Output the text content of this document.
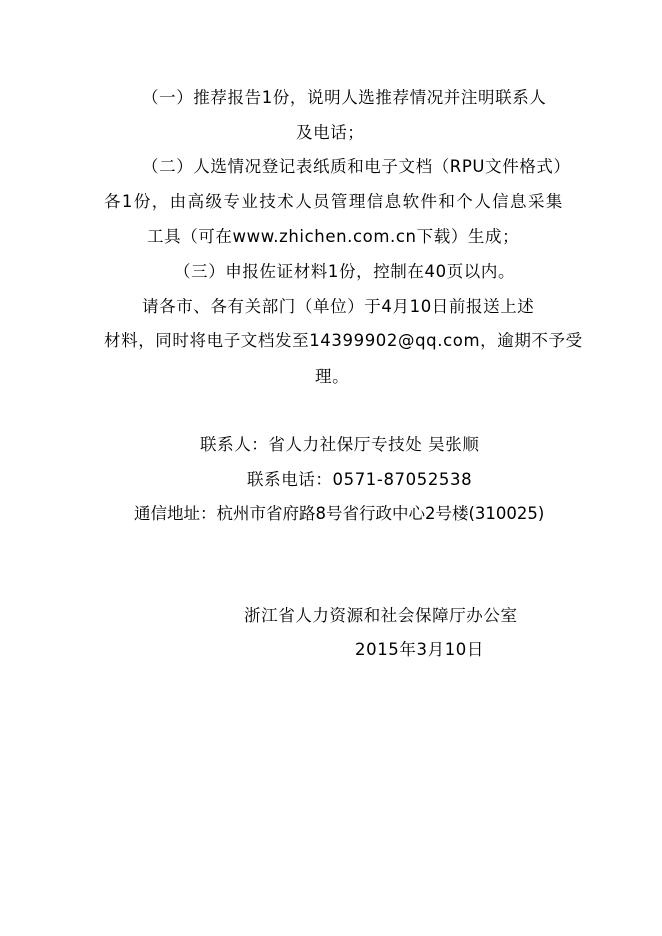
（一）推荐报告1份，说明人选推荐情况并注明联系人
及电话；
（二）人选情况登记表纸质和电子文档（RPU文件格式）
各1份，由高级专业技术人员管理信息软件和个人信息采集
工具（可在www.zhichen.com.cn下载）生成；
（三）申报佐证材料1份，控制在40页以内。
请各市、各有关部门（单位）于4月10日前报送上述
材料，同时将电子文档发至14399902@qq.com，逾期不予受
理。
联系人：省人力社保厅专技处 吴张顺
联系电话：0571-87052538
通信地址：杭州市省府路8号省行政中心2号楼(310025)
浙江省人力资源和社会保障厅办公室
2015年3月10日
